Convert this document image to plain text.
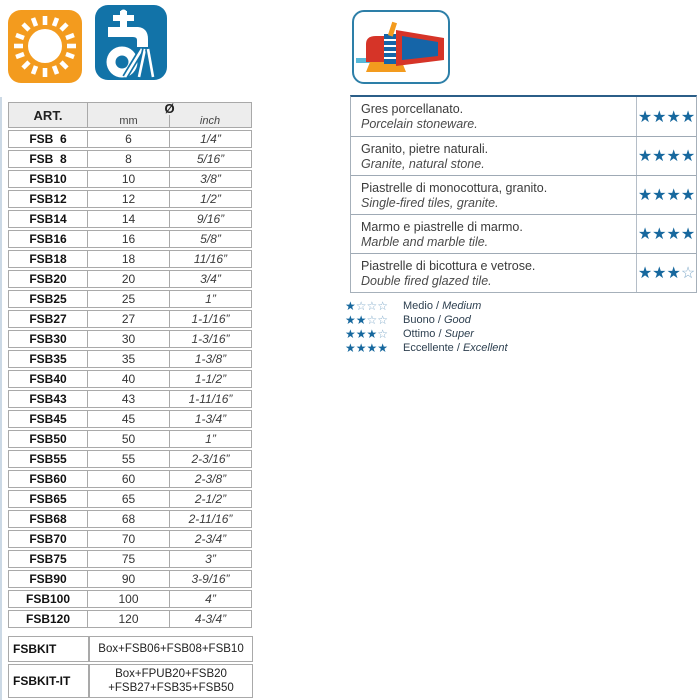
ART.	Ø
mm inch	

FSB  6	6	1/4”
FSB  8	8	5/16”
FSB10	10	3/8”
FSB12	12	1/2”
FSB14	14	9/16”
FSB16	16	5/8”
FSB18	18	11/16”
FSB20	20	3/4”
FSB25	25	1”
FSB27	27	1-1/16”
FSB30	30	1-3/16”
FSB35	35	1-3/8”
FSB40	40	1-1/2”
FSB43	43	1-11/16”
FSB45	45	1-3/4”
FSB50	50	1”
FSB55	55	2-3/16”
FSB60	60	2-3/8”
FSB65	65	2-1/2”
FSB68	68	2-11/16”
FSB70	70	2-3/4”
FSB75	75	3”
FSB90	90	3-9/16”
FSB100	100	4”
FSB120	120	4-3/4”
FSBKIT	Box+FSB06+FSB08+FSB10

FSBKIT-IT	Box+FPUB20+FSB20
+FSB27+FSB35+FSB50
Gres porcellanato.
Porcelain stoneware.	★★★★
Granito, pietre naturali.
Granite, natural stone.	★★★★
Piastrelle di monocottura, granito.
Single-fired tiles, granite.	★★★★
Marmo e piastrelle di marmo.
Marble and marble tile.	★★★★
Piastrelle di bicottura e vetrose.
Double fired glazed tile.	★★★ ☆
★☆☆☆	Medio / Medium
★★☆☆	Buono / Good
★★★☆	Ottimo / Super
★★★★	Eccellente / Excellent
